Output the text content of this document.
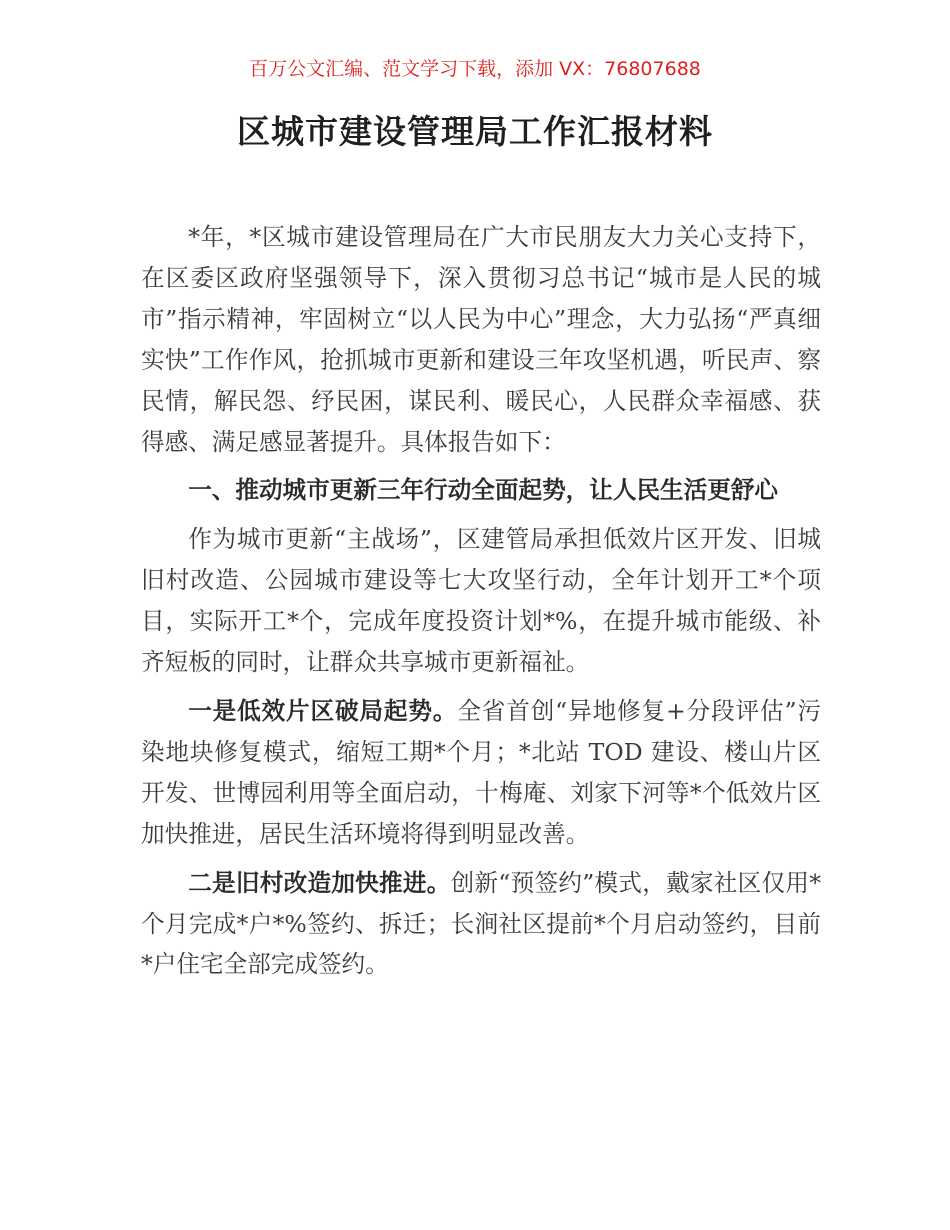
百万公文汇编、范文学习下载，添加 VX：76807688
区城市建设管理局工作汇报材料

*年，*区城市建设管理局在广大市民朋友大力关心支持下，在区委区政府坚强领导下，深入贯彻习总书记“城市是人民的城市”指示精神，牢固树立“以人民为中心”理念，大力弘扬“严真细实快”工作作风，抢抓城市更新和建设三年攻坚机遇，听民声、察民情，解民怨、纾民困，谋民利、暖民心，人民群众幸福感、获得感、满足感显著提升。具体报告如下：

一、推动城市更新三年行动全面起势，让人民生活更舒心

作为城市更新“主战场”，区建管局承担低效片区开发、旧城旧村改造、公园城市建设等七大攻坚行动，全年计划开工*个项目，实际开工*个，完成年度投资计划*%，在提升城市能级、补齐短板的同时，让群众共享城市更新福祉。

一是低效片区破局起势。全省首创“异地修复+分段评估”污染地块修复模式，缩短工期*个月；*北站 TOD 建设、楼山片区开发、世博园利用等全面启动，十梅庵、刘家下河等*个低效片区加快推进，居民生活环境将得到明显改善。

二是旧村改造加快推进。创新“预签约”模式，戴家社区仅用*个月完成*户*%签约、拆迁；长涧社区提前*个月启动签约，目前*户住宅全部完成签约。
